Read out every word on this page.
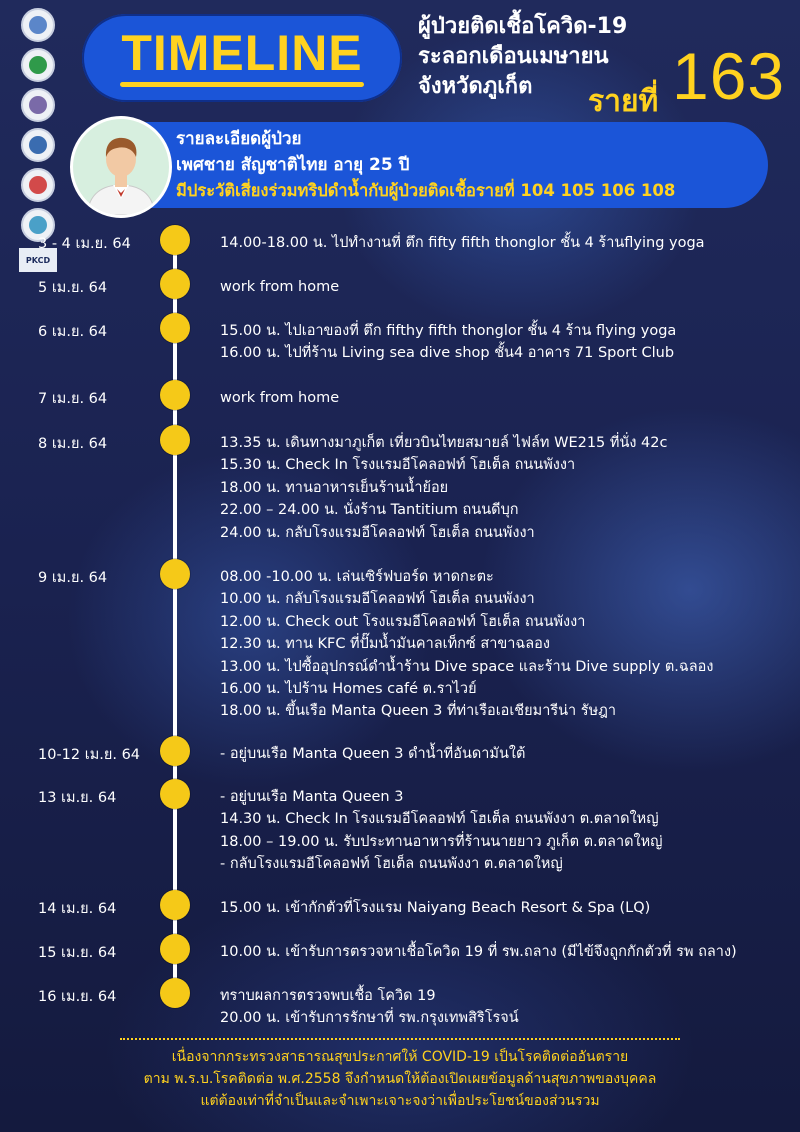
PKCD
TIMELINE	ผู้ป่วยติดเชื้อโควิด-19
ระลอกเดือนเมษายน
จังหวัดภูเก็ต	รายที่ 163
รายละเอียดผู้ป่วย
เพศชาย สัญชาติไทย อายุ 25 ปี
มีประวัติเสี่ยงร่วมทริปดำน้ำกับผู้ป่วยติดเชื้อรายที่ 104 105 106 108
3 - 4 เม.ย. 64	14.00-18.00 น. ไปทำงานที่ ตึก fifty fifth thonglor ชั้น 4 ร้านflying yoga
5 เม.ย. 64	work from home
6 เม.ย. 64	15.00 น. ไปเอาของที่ ตึก fifthy fifth thonglor ชั้น 4 ร้าน flying yoga
16.00 น. ไปที่ร้าน Living sea dive shop ชั้น4 อาคาร 71 Sport Club
7 เม.ย. 64	work from home
8 เม.ย. 64	13.35 น. เดินทางมาภูเก็ต เที่ยวบินไทยสมายล์ ไฟล์ท WE215 ที่นั่ง 42c
15.30 น. Check In โรงแรมอีโคลอฟท์ โฮเต็ล ถนนพังงา
18.00 น. ทานอาหารเย็นร้านน้ำย้อย
22.00 – 24.00 น. นั่งร้าน Tantitium ถนนดีบุก
24.00 น. กลับโรงแรมอีโคลอฟท์ โฮเต็ล ถนนพังงา
9 เม.ย. 64	08.00 -10.00 น. เล่นเซิร์ฟบอร์ด หาดกะตะ
10.00 น. กลับโรงแรมอีโคลอฟท์ โฮเต็ล ถนนพังงา
12.00 น. Check out โรงแรมอีโคลอฟท์ โฮเต็ล ถนนพังงา
12.30 น. ทาน KFC ที่ปั๊มน้ำมันคาลเท็กซ์ สาขาฉลอง
13.00 น. ไปซื้ออุปกรณ์ดำน้ำร้าน Dive space และร้าน Dive supply ต.ฉลอง
16.00 น. ไปร้าน Homes café ต.ราไวย์
18.00 น. ขึ้นเรือ Manta Queen 3 ที่ท่าเรือเอเชียมารีน่า รัษฎา
10-12 เม.ย. 64	- อยู่บนเรือ Manta Queen 3 ดำน้ำที่อันดามันใต้
13 เม.ย. 64	- อยู่บนเรือ Manta Queen 3
14.30 น. Check In โรงแรมอีโคลอฟท์ โฮเต็ล ถนนพังงา ต.ตลาดใหญ่
18.00 – 19.00 น. รับประทานอาหารที่ร้านนายยาว ภูเก็ต ต.ตลาดใหญ่
- กลับโรงแรมอีโคลอฟท์ โฮเต็ล ถนนพังงา ต.ตลาดใหญ่
14 เม.ย. 64	15.00 น. เข้ากักตัวที่โรงแรม Naiyang Beach Resort & Spa (LQ)
15 เม.ย. 64	10.00 น. เข้ารับการตรวจหาเชื้อโควิด 19 ที่ รพ.ถลาง (มีไข้จึงถูกกักตัวที่ รพ ถลาง)
16 เม.ย. 64	ทราบผลการตรวจพบเชื้อ โควิด 19
20.00 น. เข้ารับการรักษาที่ รพ.กรุงเทพสิริโรจน์
เนื่องจากกระทรวงสาธารณสุขประกาศให้ COVID-19 เป็นโรคติดต่ออันตราย
ตาม พ.ร.บ.โรคติดต่อ พ.ศ.2558 จึงกำหนดให้ต้องเปิดเผยข้อมูลด้านสุขภาพของบุคคล
แต่ต้องเท่าที่จำเป็นและจำเพาะเจาะจงว่าเพื่อประโยชน์ของส่วนรวม
